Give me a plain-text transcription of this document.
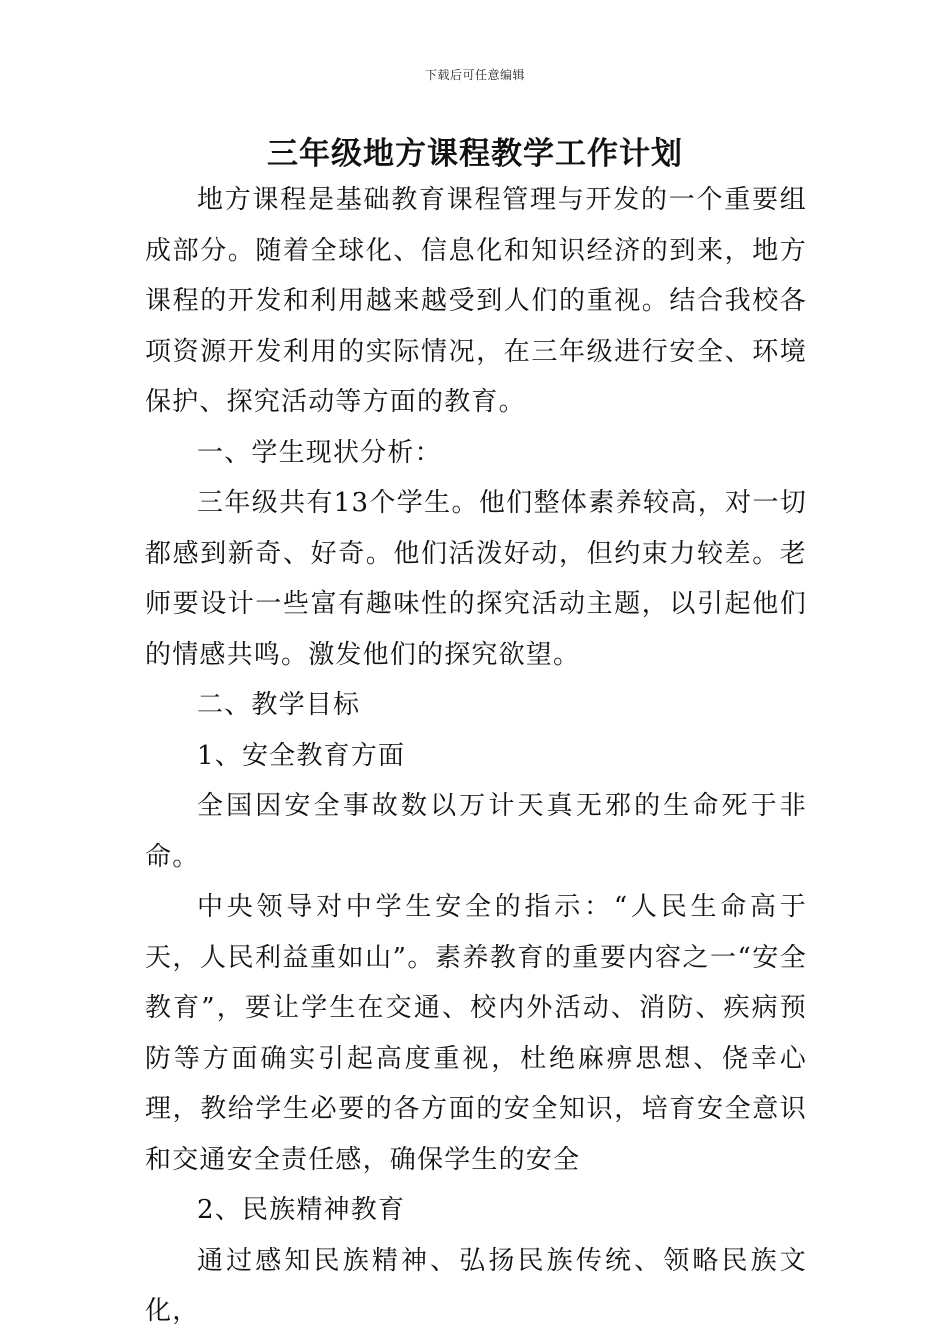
下载后可任意编辑
三年级地方课程教学工作计划

地方课程是基础教育课程管理与开发的一个重要组成部分。随着全球化、信息化和知识经济的到来，地方课程的开发和利用越来越受到人们的重视。结合我校各项资源开发利用的实际情况，在三年级进行安全、环境保护、探究活动等方面的教育。

一、学生现状分析：

三年级共有13个学生。他们整体素养较高，对一切都感到新奇、好奇。他们活泼好动，但约束力较差。老师要设计一些富有趣味性的探究活动主题，以引起他们的情感共鸣。激发他们的探究欲望。

二、教学目标

1、安全教育方面

全国因安全事故数以万计天真无邪的生命死于非命。

中央领导对中学生安全的指示：“人民生命高于天，人民利益重如山”。素养教育的重要内容之一“安全教育”，要让学生在交通、校内外活动、消防、疾病预防等方面确实引起高度重视，杜绝麻痹思想、侥幸心理，教给学生必要的各方面的安全知识，培育安全意识和交通安全责任感，确保学生的安全

2、民族精神教育

通过感知民族精神、弘扬民族传统、领略民族文化，
